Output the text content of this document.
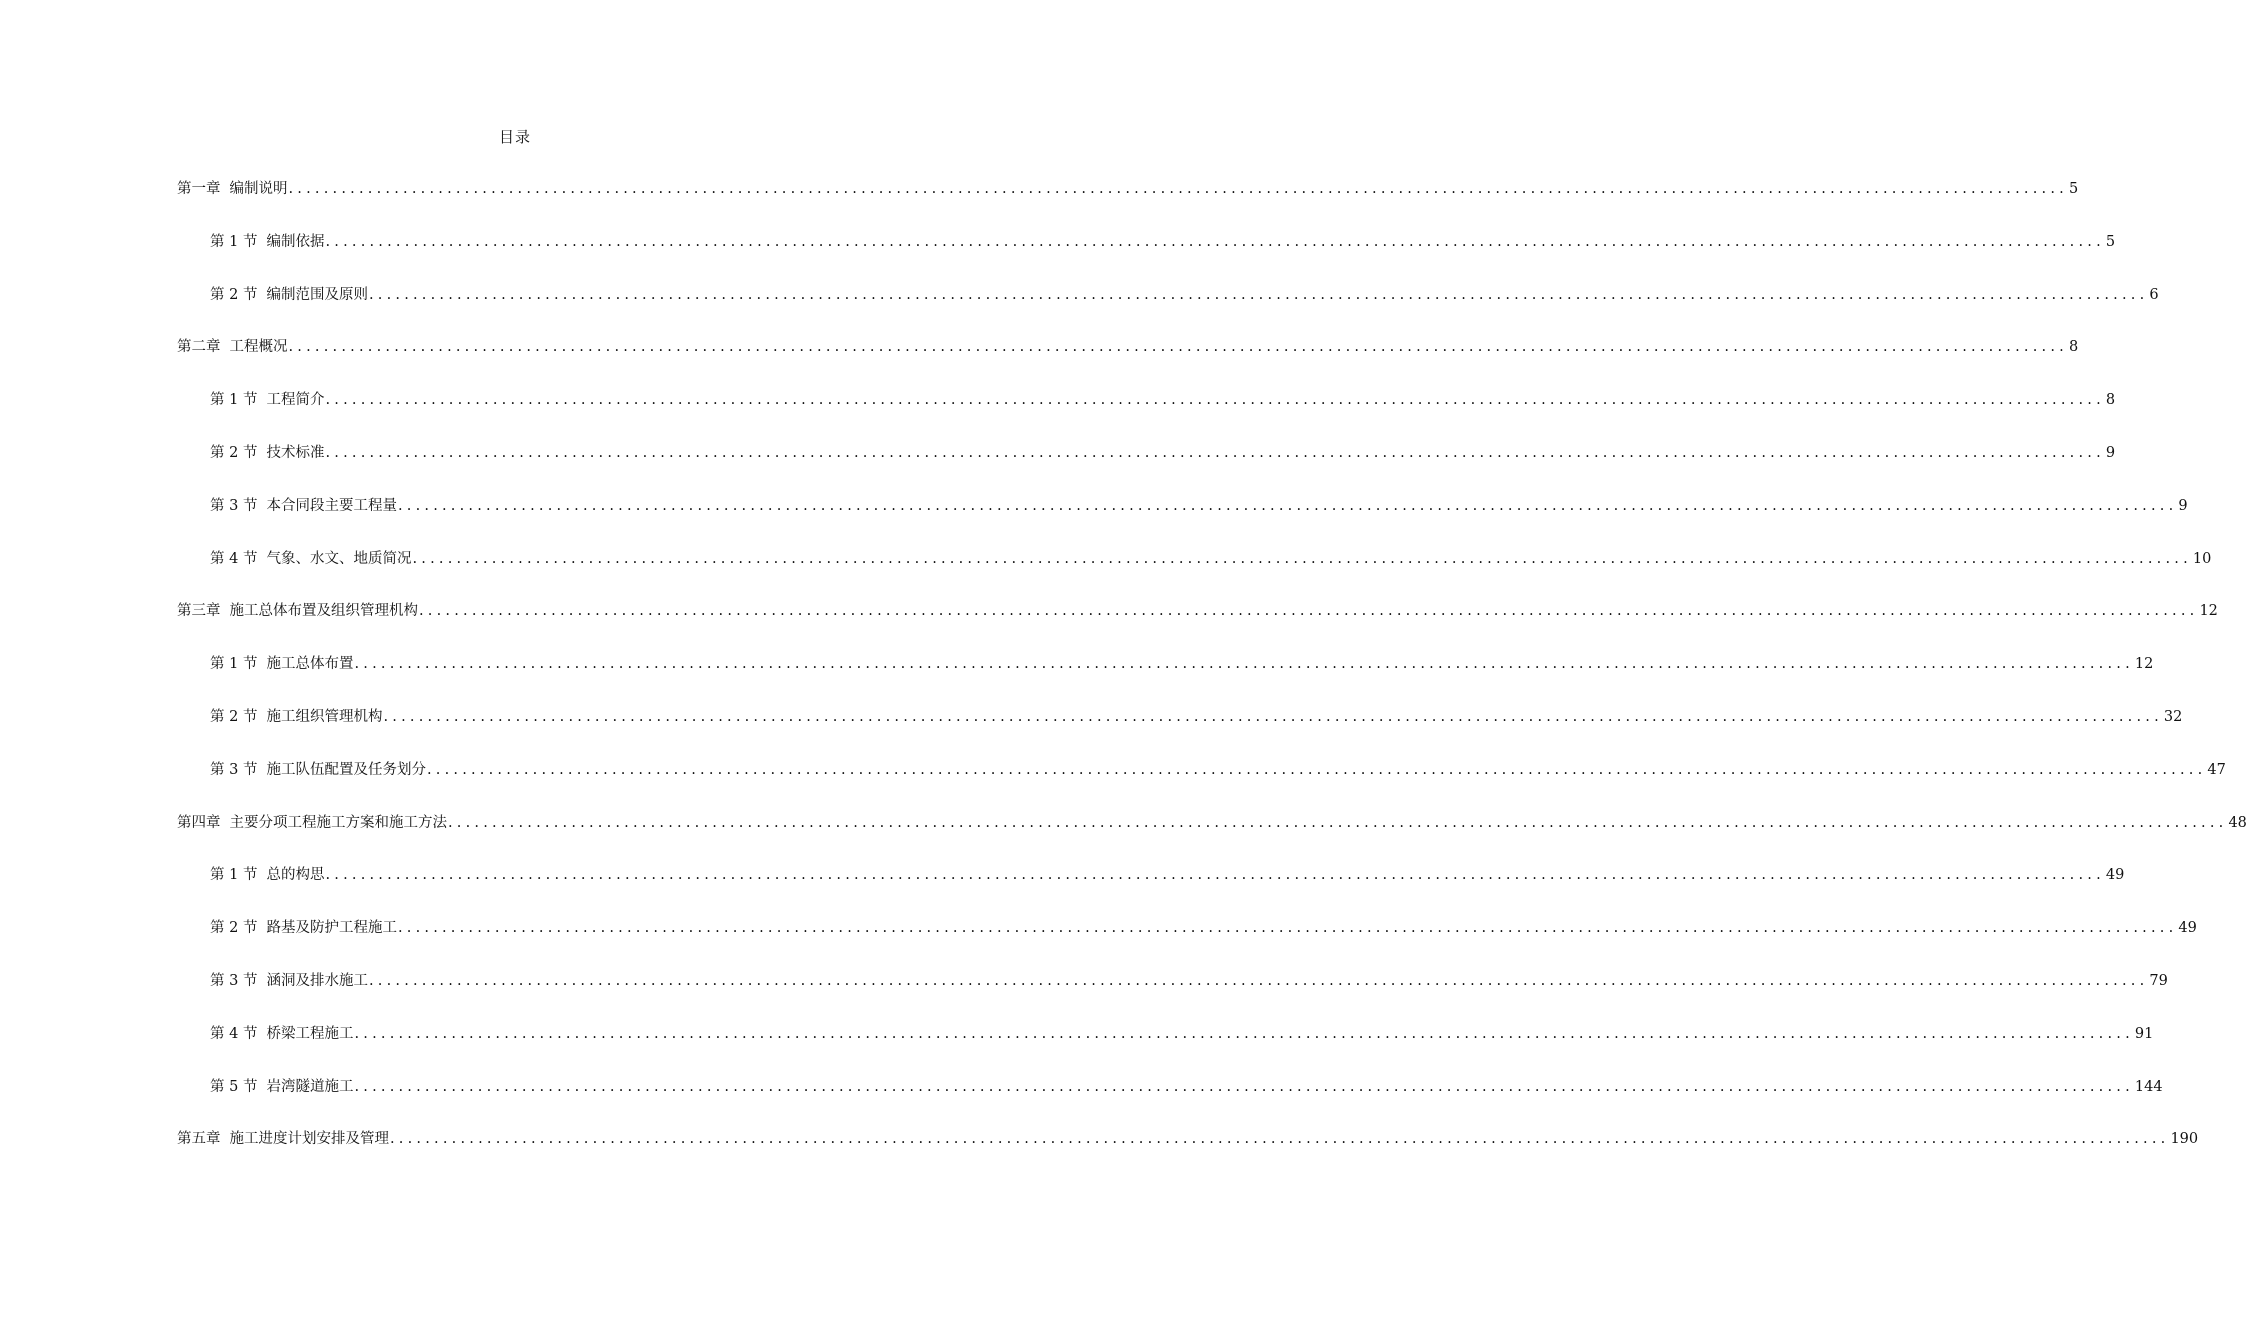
目录
第一章 编制说明 .......................................................................................................................................................................................................... 5
第 1 节 编制依据 .......................................................................................................................................................................................................... 5
第 2 节 编制范围及原则 .......................................................................................................................................................................................................... 6
第二章 工程概况 .......................................................................................................................................................................................................... 8
第 1 节 工程简介 .......................................................................................................................................................................................................... 8
第 2 节 技术标准 .......................................................................................................................................................................................................... 9
第 3 节 本合同段主要工程量 .......................................................................................................................................................................................................... 9
第 4 节 气象、水文、地质简况 .......................................................................................................................................................................................................... 10
第三章 施工总体布置及组织管理机构 .......................................................................................................................................................................................................... 12
第 1 节 施工总体布置 .......................................................................................................................................................................................................... 12
第 2 节 施工组织管理机构 .......................................................................................................................................................................................................... 32
第 3 节 施工队伍配置及任务划分 .......................................................................................................................................................................................................... 47
第四章 主要分项工程施工方案和施工方法 .......................................................................................................................................................................................................... 48
第 1 节 总的构思 .......................................................................................................................................................................................................... 49
第 2 节 路基及防护工程施工 .......................................................................................................................................................................................................... 49
第 3 节 涵洞及排水施工 .......................................................................................................................................................................................................... 79
第 4 节 桥梁工程施工 .......................................................................................................................................................................................................... 91
第 5 节 岩湾隧道施工 .......................................................................................................................................................................................................... 144
第五章 施工进度计划安排及管理 .......................................................................................................................................................................................................... 190
